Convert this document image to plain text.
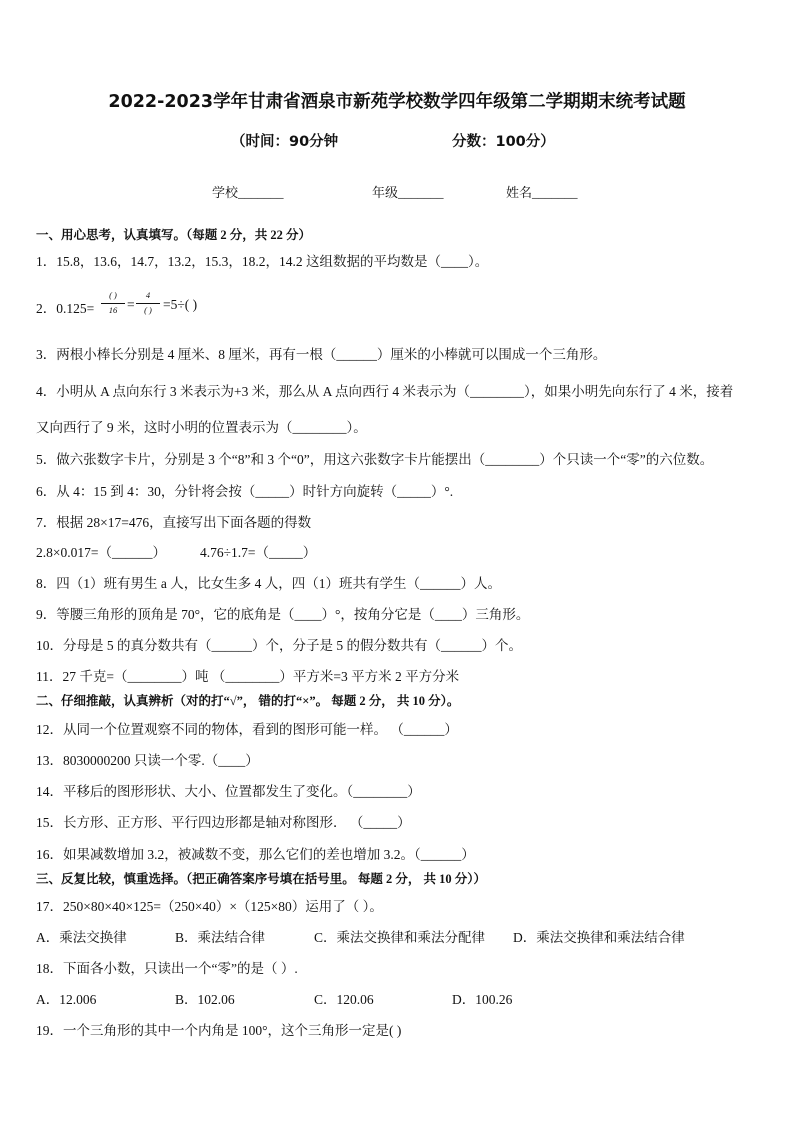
2022-2023学年甘肃省酒泉市新苑学校数学四年级第二学期期末统考试题
（时间：90分钟	分数：100分）
学校_______	年级_______	姓名_______
一、用心思考，认真填写。（每题 2 分，共 22 分）
1．15.8，13.6，14.7，13.2，15.3，18.2，14.2 这组数据的平均数是（____）。
2．0.125=
( )
16 =
4
( ) =5÷( )
3．两根小棒长分别是 4 厘米、8 厘米，再有一根（______）厘米的小棒就可以围成一个三角形。
4．小明从 A 点向东行 3 米表示为+3 米，那么从 A 点向西行 4 米表示为（________），如果小明先向东行了 4 米，接着
又向西行了 9 米，这时小明的位置表示为（________）。
5．做六张数字卡片，分别是 3 个“8”和 3 个“0”，用这六张数字卡片能摆出（________）个只读一个“零”的六位数。
6．从 4：15 到 4：30，分针将会按（_____）时针方向旋转（_____）°.
7．根据 28×17=476，直接写出下面各题的得数
2.8×0.017=（______）	4.76÷1.7=（_____）
8．四（1）班有男生 a 人，比女生多 4 人，四（1）班共有学生（______）人。
9．等腰三角形的顶角是 70°，它的底角是（____）°，按角分它是（____）三角形。
10．分母是 5 的真分数共有（______）个，分子是 5 的假分数共有（______）个。
11．27 千克=（________）吨 （________）平方米=3 平方米 2 平方分米
二、仔细推敲，认真辨析（对的打“√”， 错的打“×”。 每题 2 分， 共 10 分）。
12．从同一个位置观察不同的物体，看到的图形可能一样。 （______）
13．8030000200 只读一个零.（____）
14．平移后的图形形状、大小、位置都发生了变化。（________）
15．长方形、正方形、平行四边形都是轴对称图形． （_____）
16．如果减数增加 3.2，被减数不变，那么它们的差也增加 3.2。（______）
三、反复比较，慎重选择。（把正确答案序号填在括号里。 每题 2 分， 共 10 分））
17．250×80×40×125=（250×40）×（125×80）运用了（ ）。
A．乘法交换律	B．乘法结合律	C．乘法交换律和乘法分配律 D．乘法交换律和乘法结合律
18．下面各小数，只读出一个“零”的是（ ）.
A．12.006	B．102.06	C．120.06	D．100.26
19．一个三角形的其中一个内角是 100°，这个三角形一定是( )
